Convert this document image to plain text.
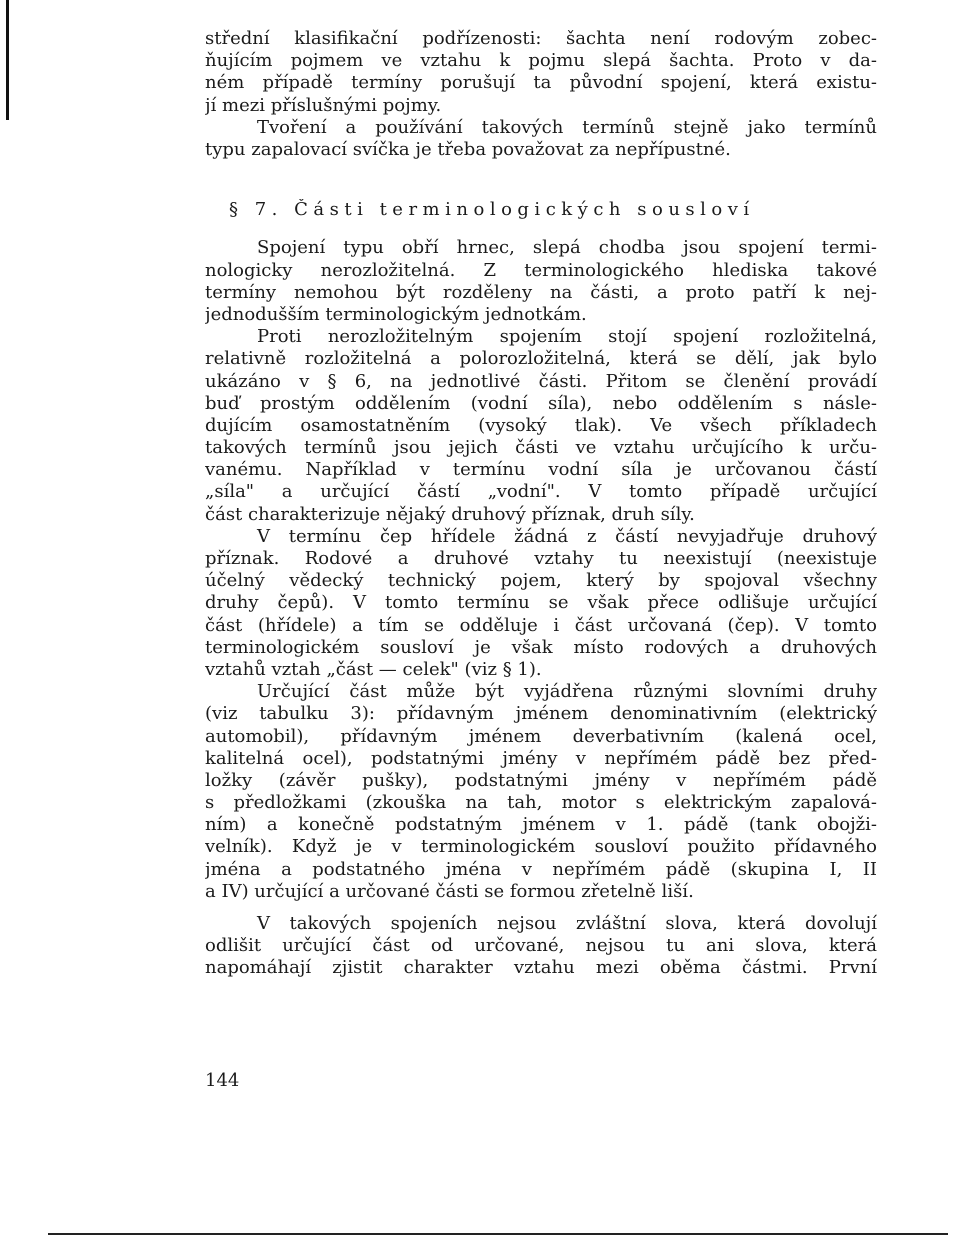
střední klasifikační podřízenosti: šachta není rodovým zobec-
ňujícím pojmem ve vztahu k pojmu slepá šachta. Proto v da-
ném případě termíny porušují ta původní spojení, která existu-
jí mezi příslušnými pojmy.
Tvoření a používání takových termínů stejně jako termínů
typu zapalovací svíčka je třeba považovat za nepřípustné.
§ 7. Části terminologických sousloví
Spojení typu obří hrnec, slepá chodba jsou spojení termi-
nologicky nerozložitelná. Z terminologického hlediska takové
termíny nemohou být rozděleny na části, a proto patří k nej-
jednodušším terminologickým jednotkám.
Proti nerozložitelným spojením stojí spojení rozložitelná,
relativně rozložitelná a polorozložitelná, která se dělí, jak bylo
ukázáno v § 6, na jednotlivé části. Přitom se členění provádí
buď prostým oddělením (vodní síla), nebo oddělením s násle-
dujícím osamostatněním (vysoký tlak). Ve všech příkladech
takových termínů jsou jejich části ve vztahu určujícího k urču-
vanému. Například v termínu vodní síla je určovanou částí
„síla" a určující částí „vodní". V tomto případě určující
část charakterizuje nějaký druhový příznak, druh síly.
V termínu čep hřídele žádná z částí nevyjadřuje druhový
příznak. Rodové a druhové vztahy tu neexistují (neexistuje
účelný vědecký technický pojem, který by spojoval všechny
druhy čepů). V tomto termínu se však přece odlišuje určující
část (hřídele) a tím se odděluje i část určovaná (čep). V tomto
terminologickém sousloví je však místo rodových a druhových
vztahů vztah „část — celek" (viz § 1).
Určující část může být vyjádřena různými slovními druhy
(viz tabulku 3): přídavným jménem denominativním (elektrický
automobil), přídavným jménem deverbativním (kalená ocel,
kalitelná ocel), podstatnými jmény v nepřímém pádě bez před-
ložky (závěr pušky), podstatnými jmény v nepřímém pádě
s předložkami (zkouška na tah, motor s elektrickým zapalová-
ním) a konečně podstatným jménem v 1. pádě (tank obojži-
velník). Když je v terminologickém sousloví použito přídavného
jména a podstatného jména v nepřímém pádě (skupina I, II
a IV) určující a určované části se formou zřetelně liší.
V takových spojeních nejsou zvláštní slova, která dovolují
odlišit určující část od určované, nejsou tu ani slova, která
napomáhají zjistit charakter vztahu mezi oběma částmi. První
144
